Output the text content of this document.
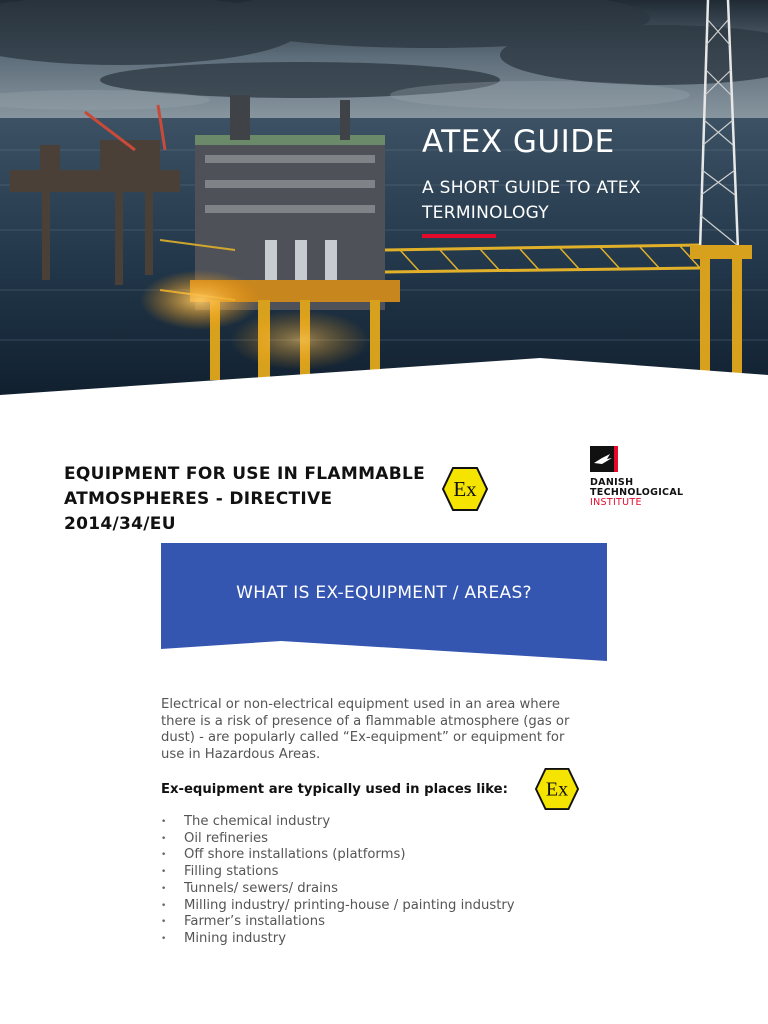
ATEX GUIDE
A SHORT GUIDE TO ATEX TERMINOLOGY
EQUIPMENT FOR USE IN FLAMMABLE ATMOSPHERES - DIRECTIVE 2014/34/EU
Ex	DANISH
TECHNOLOGICAL
INSTITUTE
WHAT IS EX-EQUIPMENT / AREAS?

Electrical or non-electrical equipment used in an area where there is a risk of presence of a flammable atmosphere (gas or dust) - are popularly called “Ex-equipment” or equipment for use in Hazardous Areas.

Ex-equipment are typically used in places like: Ex
• The chemical industry
• Oil refineries
• Off shore installations (platforms)
• Filling stations
• Tunnels/ sewers/ drains
• Milling industry/ printing-house / painting industry
• Farmer’s installations
• Mining industry
